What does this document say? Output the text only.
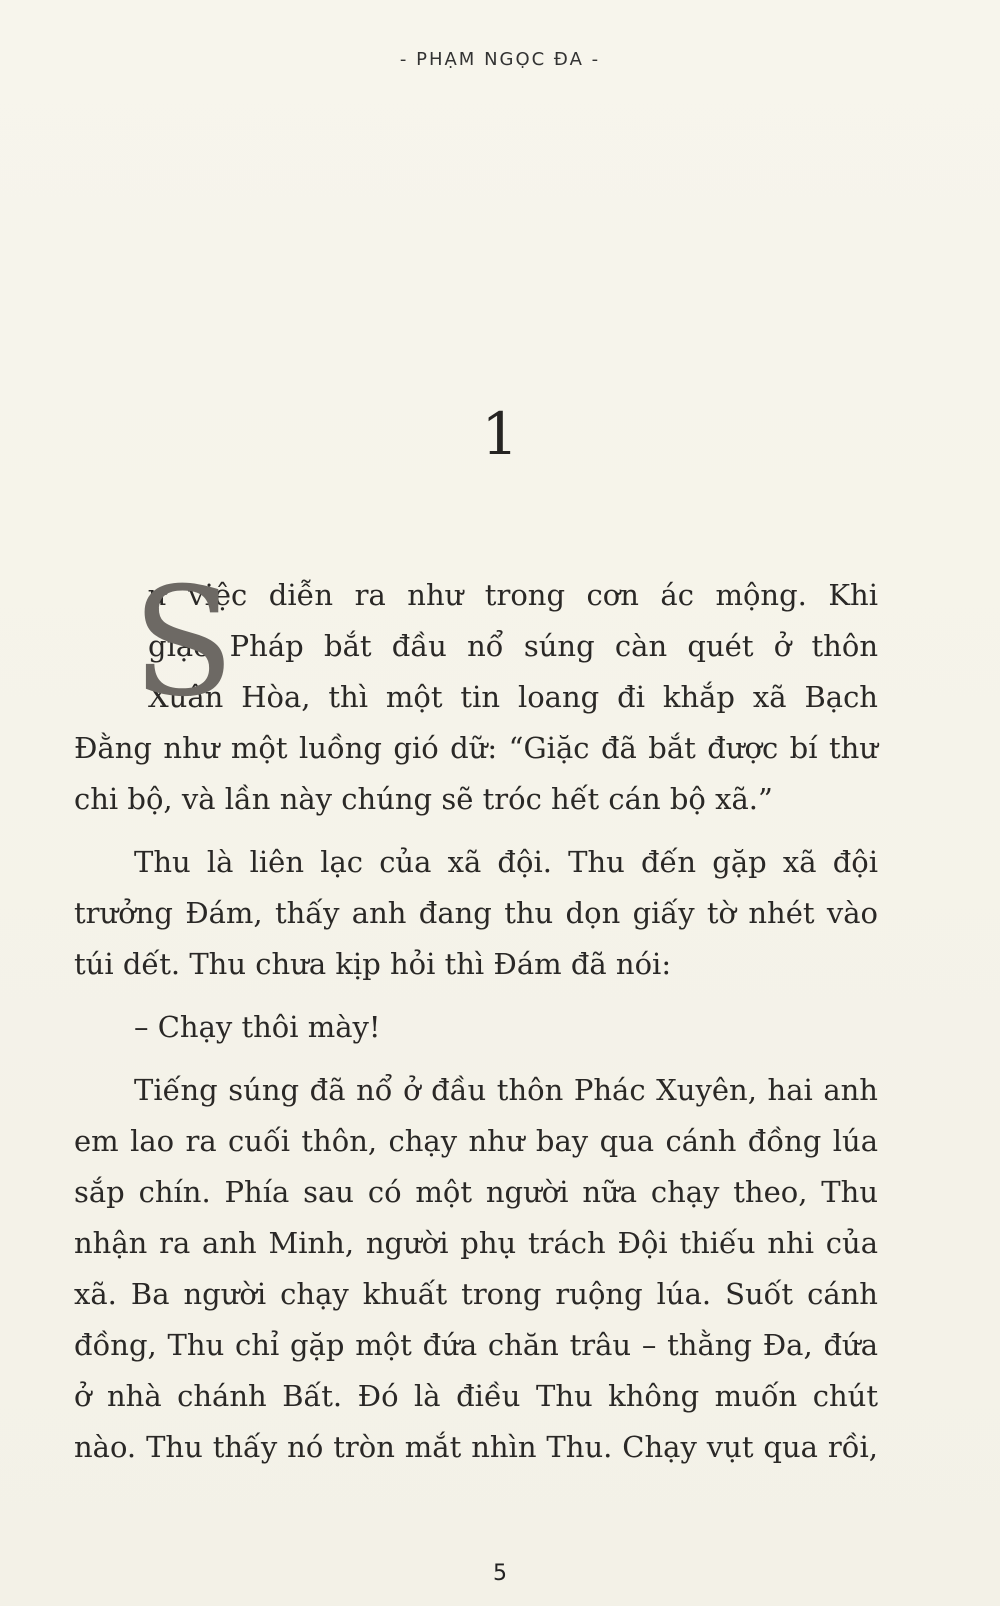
- PHẠM NGỌC ĐA -
1
S
ự việc diễn ra như trong cơn ác mộng. Khi
giặc Pháp bắt đầu nổ súng càn quét ở thôn
Xuân Hòa, thì một tin loang đi khắp xã Bạch
Đằng như một luồng gió dữ: “Giặc đã bắt được bí thư
chi bộ, và lần này chúng sẽ tróc hết cán bộ xã.”
Thu là liên lạc của xã đội. Thu đến gặp xã đội
trưởng Đám, thấy anh đang thu dọn giấy tờ nhét vào
túi dết. Thu chưa kịp hỏi thì Đám đã nói:
– Chạy thôi mày!
Tiếng súng đã nổ ở đầu thôn Phác Xuyên, hai anh
em lao ra cuối thôn, chạy như bay qua cánh đồng lúa
sắp chín. Phía sau có một người nữa chạy theo, Thu
nhận ra anh Minh, người phụ trách Đội thiếu nhi của
xã. Ba người chạy khuất trong ruộng lúa. Suốt cánh
đồng, Thu chỉ gặp một đứa chăn trâu – thằng Đa, đứa
ở nhà chánh Bất. Đó là điều Thu không muốn chút
nào. Thu thấy nó tròn mắt nhìn Thu. Chạy vụt qua rồi,
5
